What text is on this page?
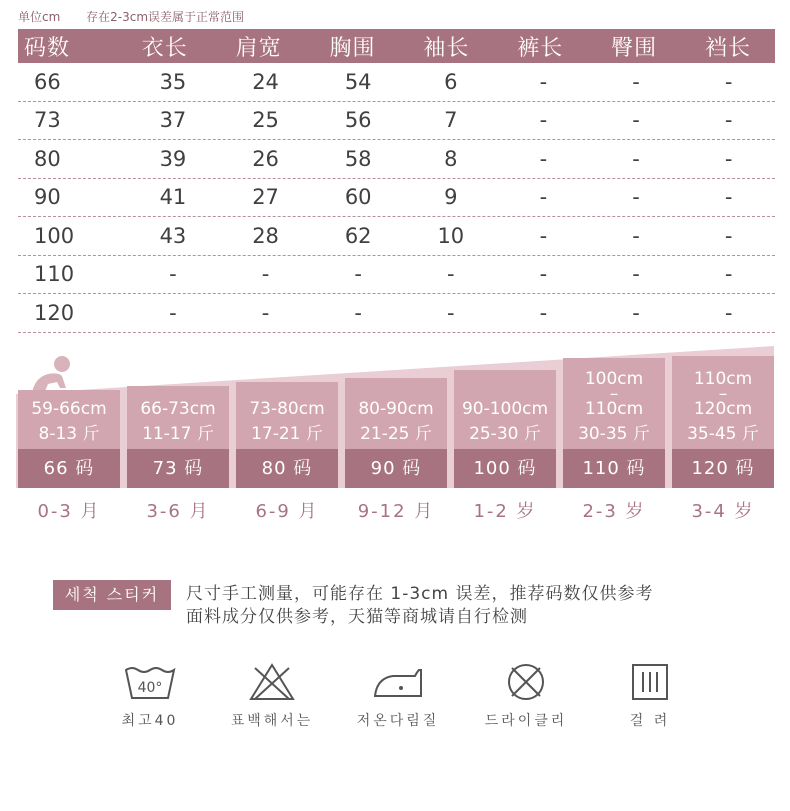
单位cm 存在2-3cm误差属于正常范围
码数	衣长	肩宽	胸围	袖长	裤长	臀围	裆长
66	35	24	54	6	-	-	-
73	37	25	56	7	-	-	-
80	39	26	58	8	-	-	-
90	41	27	60	9	-	-	-
100	43	28	62	10	-	-	-
110	-	-	-	-	-	-	-
120	-	-	-	-	-	-	-
59-66cm
8-13 斤
66 码
0-3 月
66-73cm
11-17 斤
73 码
3-6 月
73-80cm
17-21 斤
80 码
6-9 月
80-90cm
21-25 斤
90 码
9-12 月
90-100cm
25-30 斤
100 码
1-2 岁
100cm
–
110cm
30-35 斤
110 码
2-3 岁
110cm
–
120cm
35-45 斤
120 码
3-4 岁
세척 스티커	尺寸手工测量，可能存在 1-3cm 误差，推荐码数仅供参考
面料成分仅供参考，天猫等商城请自行检测
40°
최고40	표백해서는	저온다림질	드라이클리	걸 려
